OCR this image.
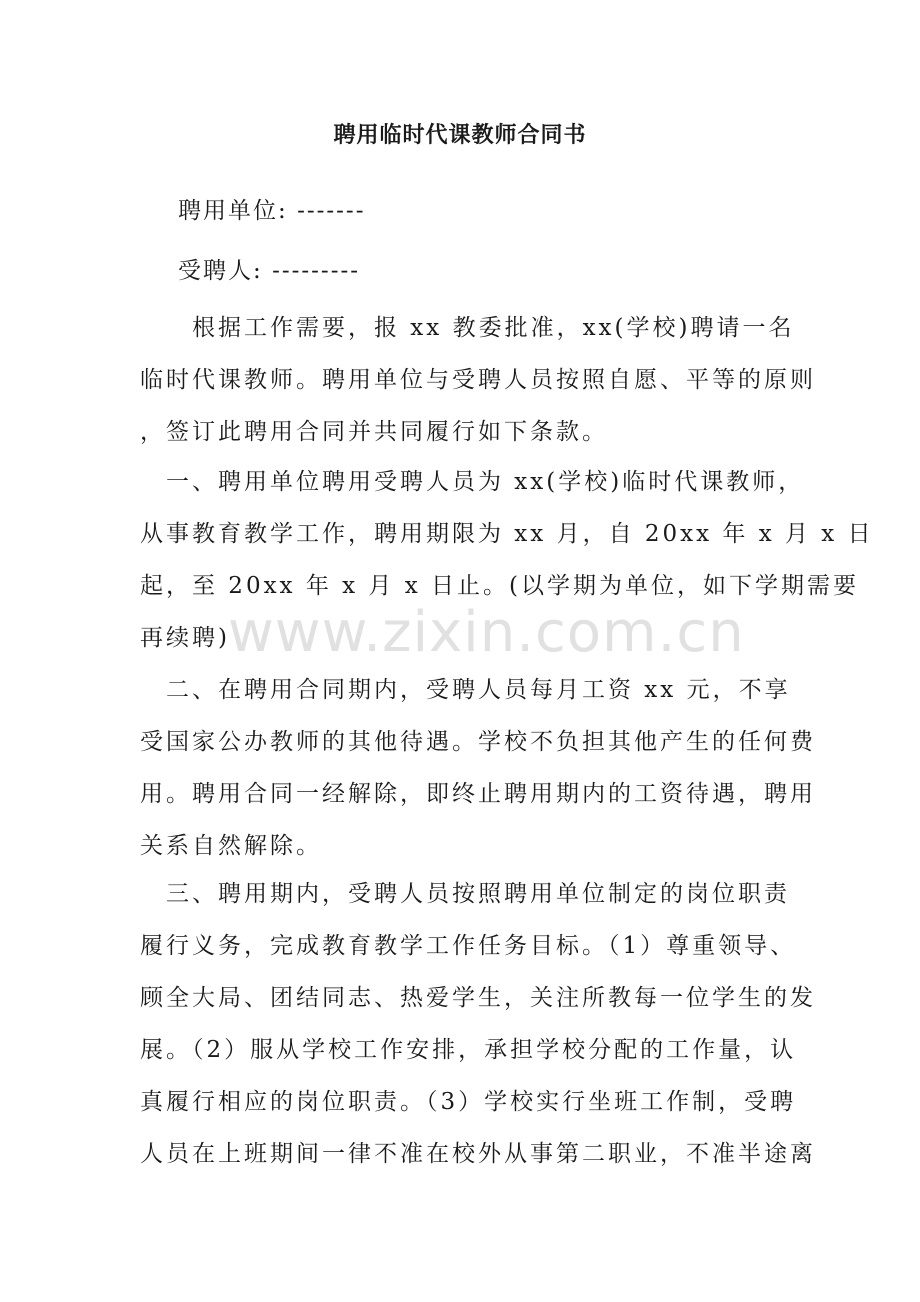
聘用临时代课教师合同书
聘用单位: -------
受聘人: ---------
　　根据工作需要，报 xx 教委批准，xx(学校)聘请一名
临时代课教师。聘用单位与受聘人员按照自愿、平等的原则
，签订此聘用合同并共同履行如下条款。
　一、聘用单位聘用受聘人员为 xx(学校)临时代课教师，
从事教育教学工作，聘用期限为 xx 月，自 20xx 年 x 月 x 日
起，至 20xx 年 x 月 x 日止。(以学期为单位，如下学期需要
再续聘)
　二、在聘用合同期内，受聘人员每月工资 xx 元，不享
受国家公办教师的其他待遇。学校不负担其他产生的任何费
用。聘用合同一经解除，即终止聘用期内的工资待遇，聘用
关系自然解除。
　三、聘用期内，受聘人员按照聘用单位制定的岗位职责
履行义务，完成教育教学工作任务目标。（1）尊重领导、
顾全大局、团结同志、热爱学生，关注所教每一位学生的发
展。（2）服从学校工作安排，承担学校分配的工作量，认
真履行相应的岗位职责。（3）学校实行坐班工作制，受聘
人员在上班期间一律不准在校外从事第二职业，不准半途离
www.zixin.com.cn
